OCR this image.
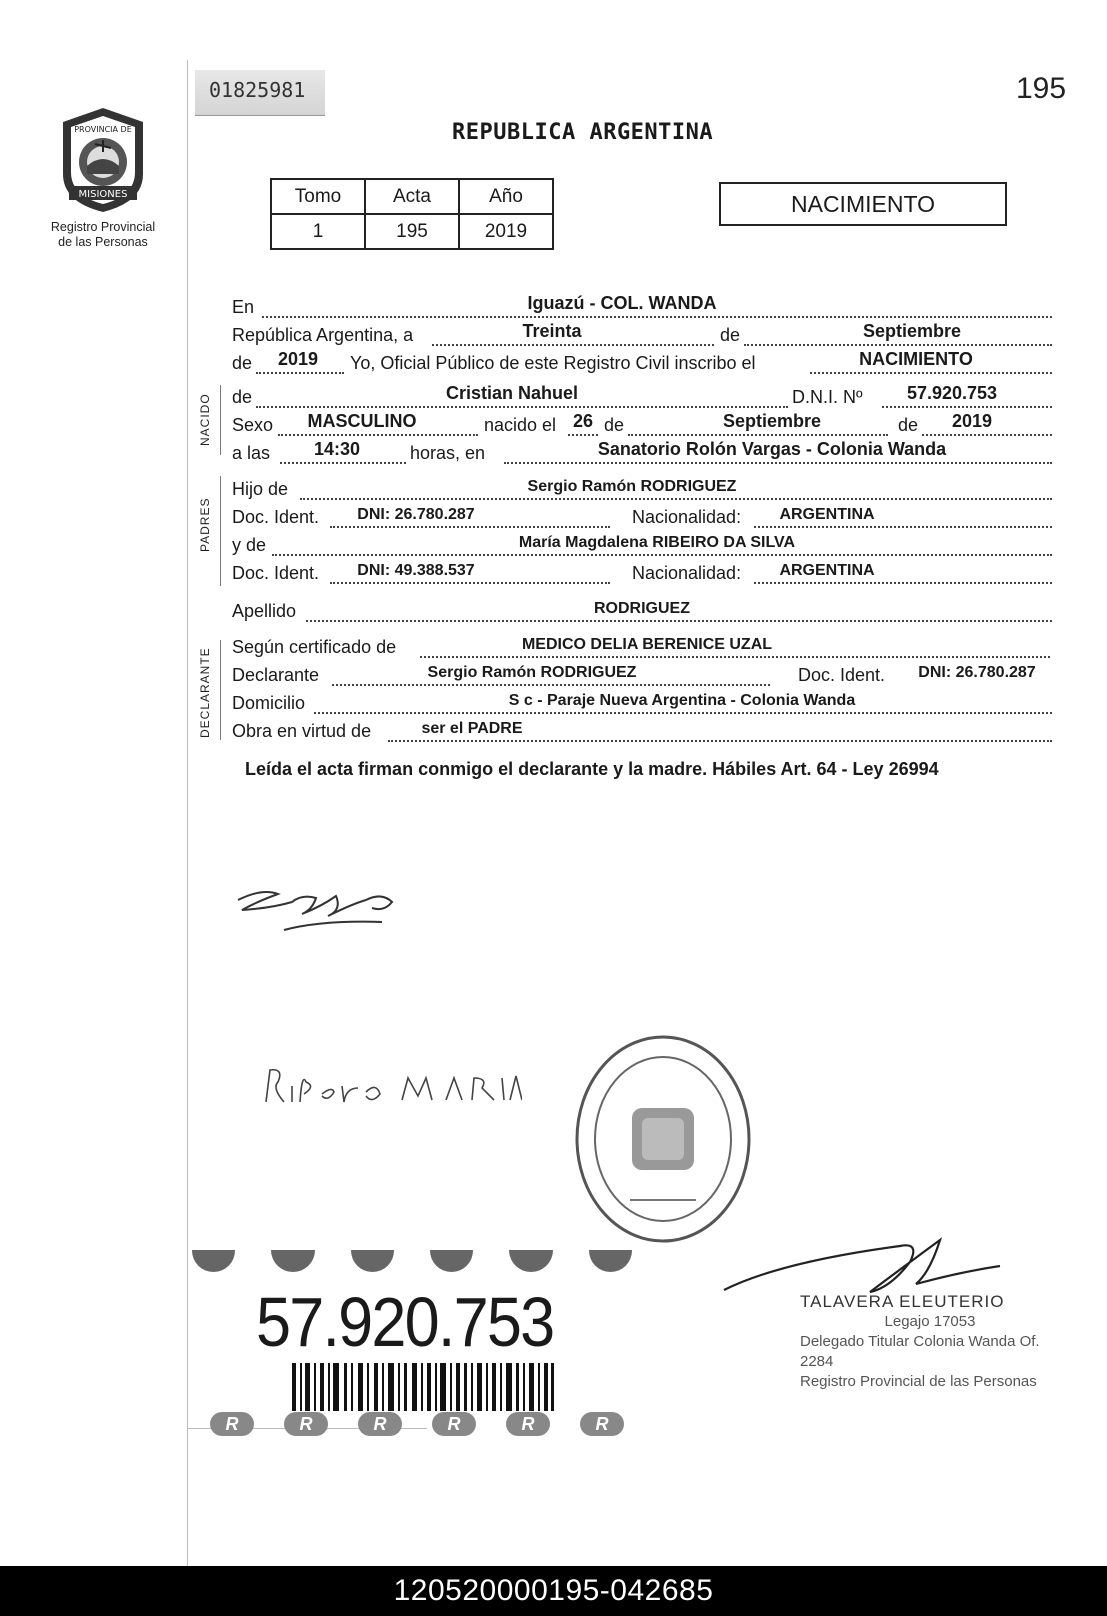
MISIONES
PROVINCIA DE
Registro Provincial
de las Personas
01825981	195
REPUBLICA ARGENTINA
Tomo	Acta	Año
1	195	2019
NACIMIENTO
NACIDO
PADRES
DECLARANTE
En	Iguazú - COL. WANDA
República Argentina, a	Treinta	de	Septiembre
de	2019	Yo, Oficial Público de este Registro Civil inscribo el	NACIMIENTO
de	Cristian Nahuel	D.N.I. Nº	57.920.753
Sexo	MASCULINO	nacido el 26 de	Septiembre	de	2019
a las	14:30	horas, en	Sanatorio Rolón Vargas - Colonia Wanda
Hijo de	Sergio Ramón RODRIGUEZ
Doc. Ident.	DNI: 26.780.287	Nacionalidad:	ARGENTINA
y de	María Magdalena RIBEIRO DA SILVA
Doc. Ident.	DNI: 49.388.537	Nacionalidad:	ARGENTINA
Apellido	RODRIGUEZ
Según certificado de	MEDICO DELIA BERENICE UZAL
Declarante	Sergio Ramón RODRIGUEZ	Doc. Ident.	DNI: 26.780.287
Domicilio	S c - Paraje Nueva Argentina - Colonia Wanda
Obra en virtud de	ser el PADRE
Leída el acta firman conmigo el declarante y la madre. Hábiles Art. 64 - Ley 26994
57.920.753
R	R	R	R	R	R
TALAVERA ELEUTERIO
Legajo 17053
Delegado Titular Colonia Wanda Of. 2284
Registro Provincial de las Personas
120520000195-042685
